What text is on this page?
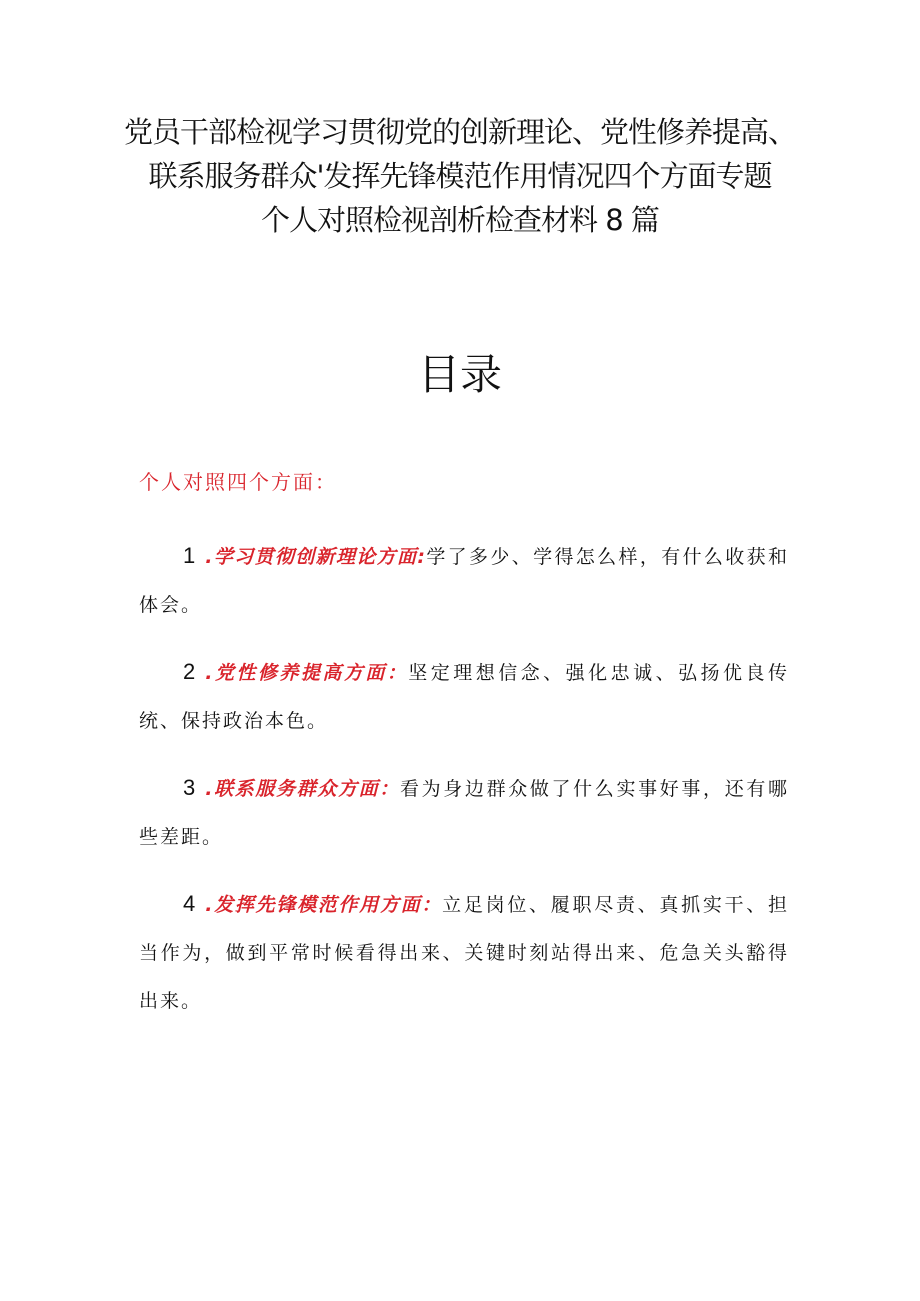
党员干部检视学习贯彻党的创新理论、党性修养提高、
联系服务群众'发挥先锋模范作用情况四个方面专题
个人对照检视剖析检查材料 8 篇
目录
个人对照四个方面：

1 .学习贯彻创新理论方面:学了多少、学得怎么样，有什么收获和体会。

2 .党性修养提高方面：坚定理想信念、强化忠诚、弘扬优良传统、保持政治本色。

3 .联系服务群众方面：看为身边群众做了什么实事好事，还有哪些差距。

4 .发挥先锋模范作用方面：立足岗位、履职尽责、真抓实干、担当作为，做到平常时候看得出来、关键时刻站得出来、危急关头豁得出来。
